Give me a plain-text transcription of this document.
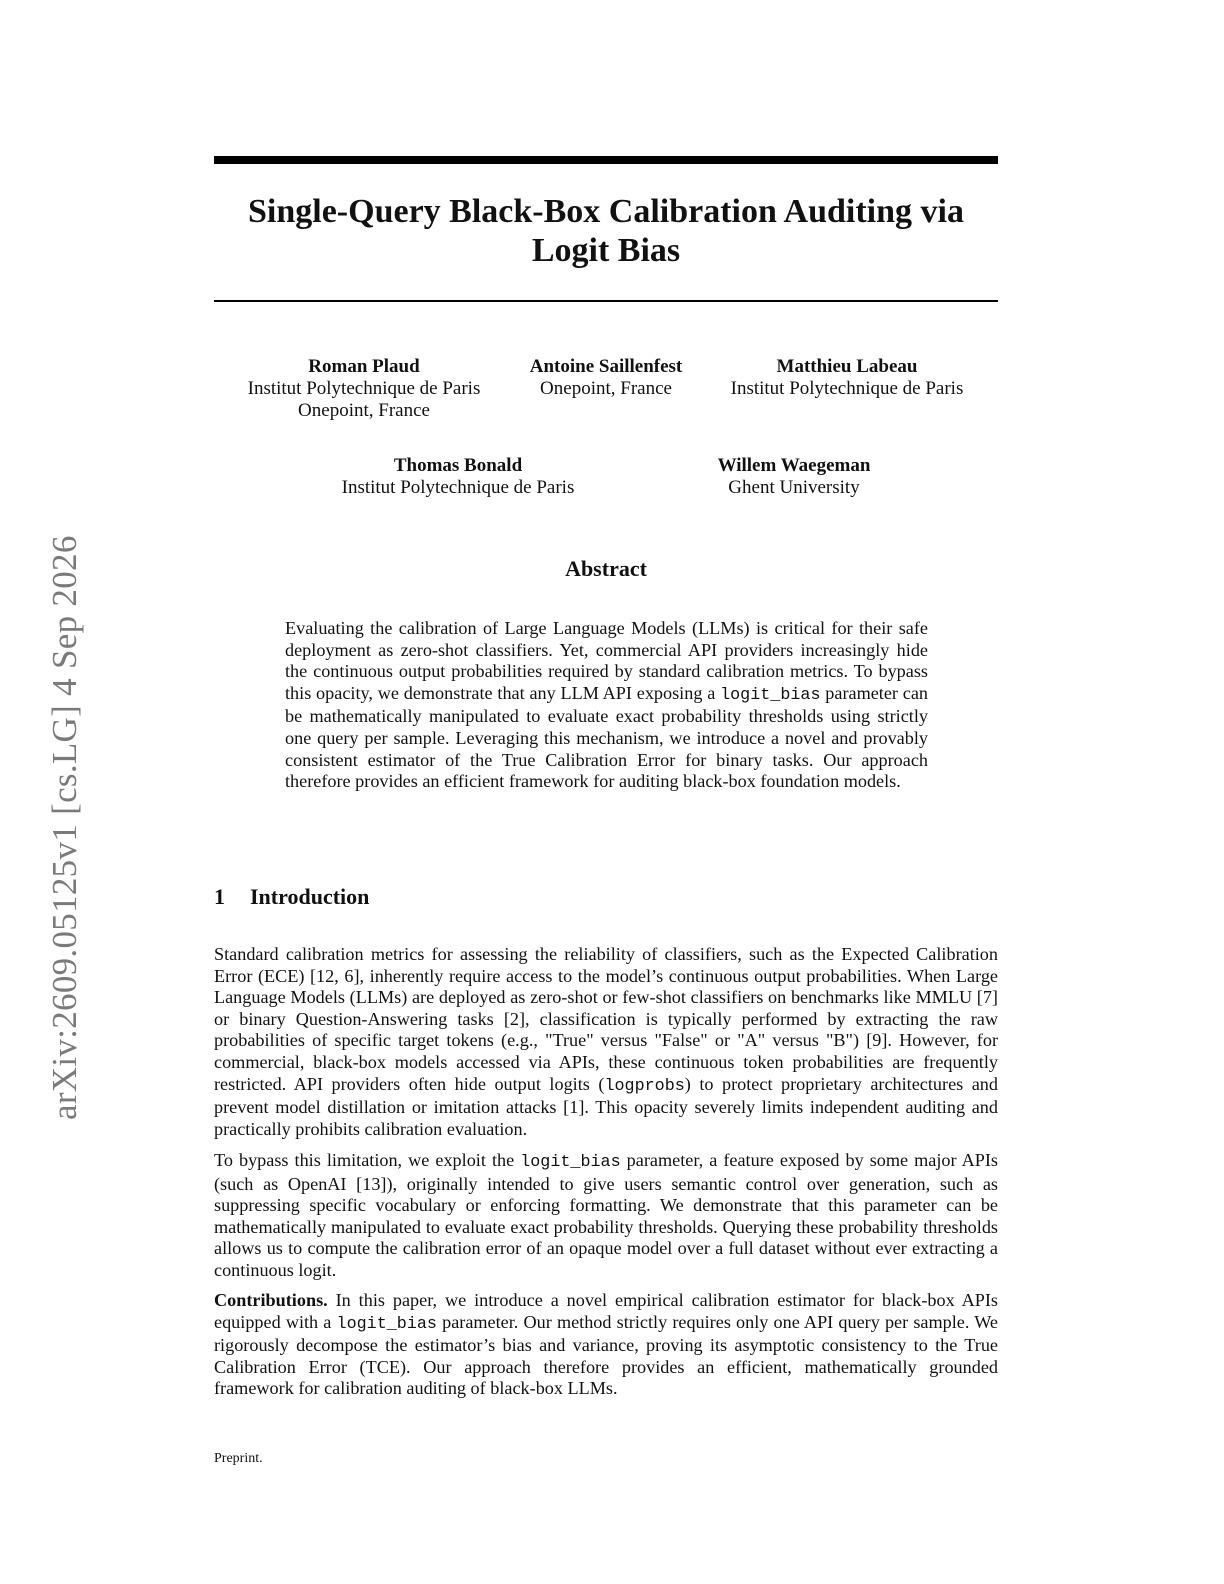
arXiv:2609.05125v1 [cs.LG] 4 Sep 2026
Single-Query Black-Box Calibration Auditing via
Logit Bias
Roman Plaud
Institut Polytechnique de Paris
Onepoint, France
Antoine Saillenfest
Onepoint, France
Matthieu Labeau
Institut Polytechnique de Paris
Thomas Bonald
Institut Polytechnique de Paris
Willem Waegeman
Ghent University
Abstract

Evaluating the calibration of Large Language Models (LLMs) is critical for their safe deployment as zero-shot classifiers. Yet, commercial API providers increasingly hide the continuous output probabilities required by standard calibration metrics. To bypass this opacity, we demonstrate that any LLM API exposing a logit_bias parameter can be mathematically manipulated to evaluate exact probability thresholds using strictly one query per sample. Leveraging this mechanism, we introduce a novel and provably consistent estimator of the True Calibration Error for binary tasks. Our approach therefore provides an efficient framework for auditing black-box foundation models.

1 Introduction

Standard calibration metrics for assessing the reliability of classifiers, such as the Expected Calibration Error (ECE) [12, 6], inherently require access to the model’s continuous output probabilities. When Large Language Models (LLMs) are deployed as zero-shot or few-shot classifiers on benchmarks like MMLU [7] or binary Question-Answering tasks [2], classification is typically performed by extracting the raw probabilities of specific target tokens (e.g., "True" versus "False" or "A" versus "B") [9]. However, for commercial, black-box models accessed via APIs, these continuous token probabilities are frequently restricted. API providers often hide output logits (logprobs) to protect proprietary architectures and prevent model distillation or imitation attacks [1]. This opacity severely limits independent auditing and practically prohibits calibration evaluation.

To bypass this limitation, we exploit the logit_bias parameter, a feature exposed by some major APIs (such as OpenAI [13]), originally intended to give users semantic control over generation, such as suppressing specific vocabulary or enforcing formatting. We demonstrate that this parameter can be mathematically manipulated to evaluate exact probability thresholds. Querying these probability thresholds allows us to compute the calibration error of an opaque model over a full dataset without ever extracting a continuous logit.

Contributions. In this paper, we introduce a novel empirical calibration estimator for black-box APIs equipped with a logit_bias parameter. Our method strictly requires only one API query per sample. We rigorously decompose the estimator’s bias and variance, proving its asymptotic consistency to the True Calibration Error (TCE). Our approach therefore provides an efficient, mathematically grounded framework for calibration auditing of black-box LLMs.

Preprint.
